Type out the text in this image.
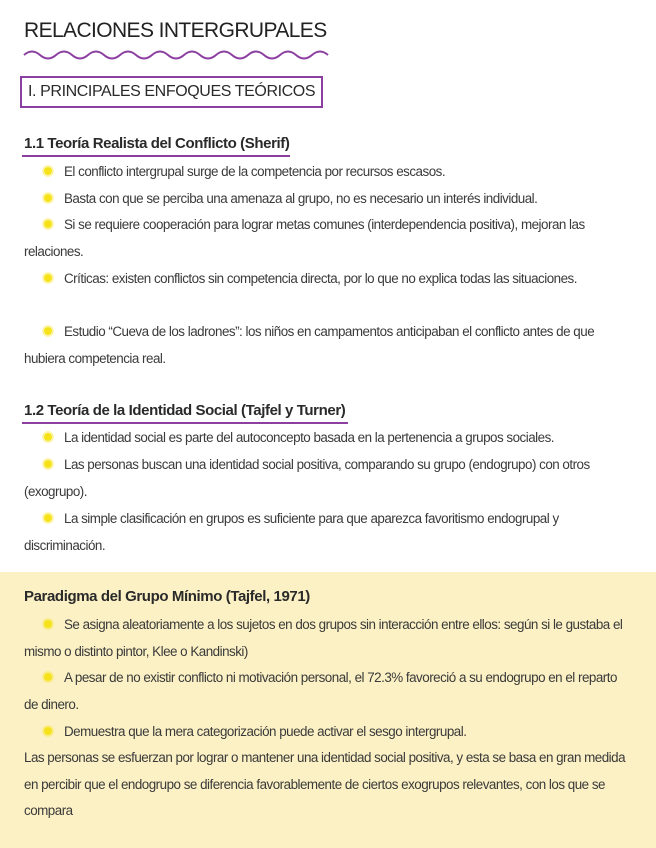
RELACIONES INTERGRUPALES
I. PRINCIPALES ENFOQUES TEÓRICOS
1.1 Teoría Realista del Conflicto (Sherif)

El conflicto intergrupal surge de la competencia por recursos escasos.

Basta con que se perciba una amenaza al grupo, no es necesario un interés individual.

Si se requiere cooperación para lograr metas comunes (interdependencia positiva), mejoran las relaciones.

Críticas: existen conflictos sin competencia directa, por lo que no explica todas las situaciones.

Estudio “Cueva de los ladrones”: los niños en campamentos anticipaban el conflicto antes de que hubiera competencia real.

1.2 Teoría de la Identidad Social (Tajfel y Turner)

La identidad social es parte del autoconcepto basada en la pertenencia a grupos sociales.

Las personas buscan una identidad social positiva, comparando su grupo (endogrupo) con otros (exogrupo).

La simple clasificación en grupos es suficiente para que aparezca favoritismo endogrupal y discriminación.

Paradigma del Grupo Mínimo (Tajfel, 1971)

Se asigna aleatoriamente a los sujetos en dos grupos sin interacción entre ellos: según si le gustaba el mismo o distinto pintor, Klee o Kandinski)

A pesar de no existir conflicto ni motivación personal, el 72.3% favoreció a su endogrupo en el reparto de dinero.

Demuestra que la mera categorización puede activar el sesgo intergrupal.

Las personas se esfuerzan por lograr o mantener una identidad social positiva, y esta se basa en gran medida en percibir que el endogrupo se diferencia favorablemente de ciertos exogrupos relevantes, con los que se compara
